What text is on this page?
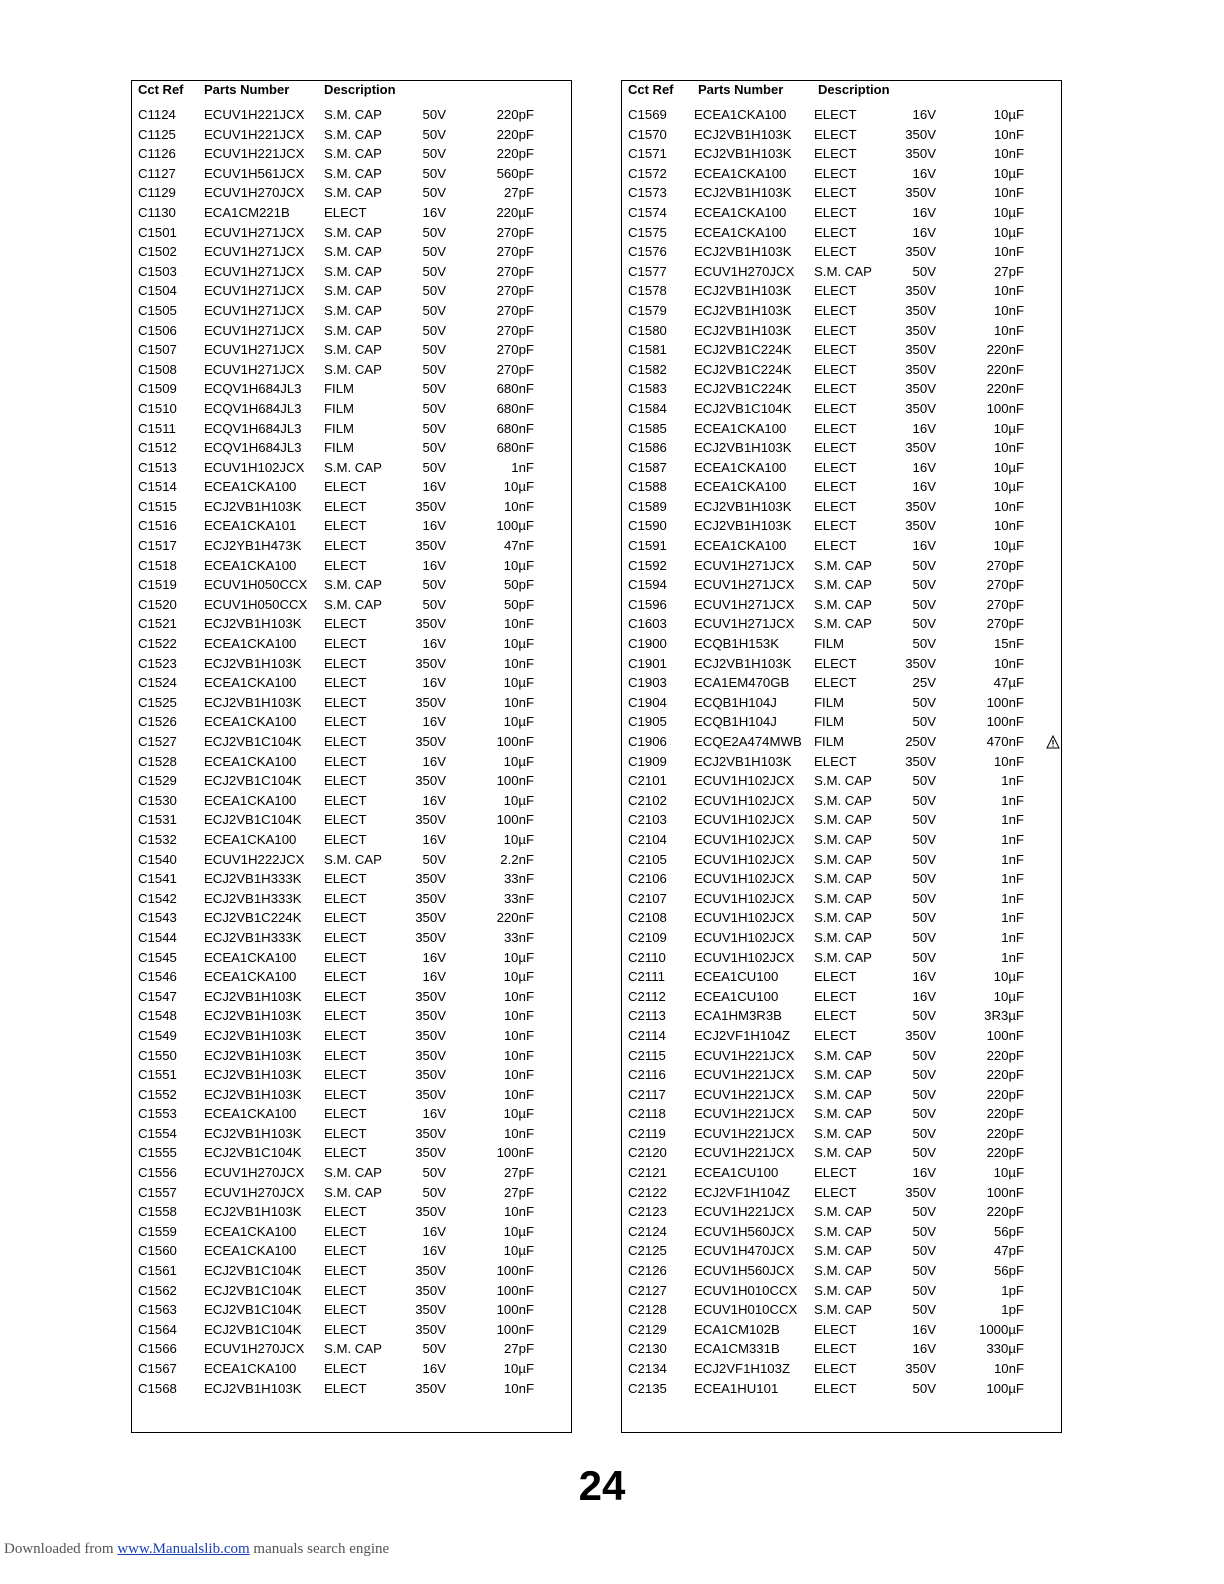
Cct Ref Parts Number	Description
C1124 ECUV1H221JCX S.M. CAP	50V	220pF
C1125 ECUV1H221JCX S.M. CAP	50V	220pF
C1126 ECUV1H221JCX S.M. CAP	50V	220pF
C1127 ECUV1H561JCX S.M. CAP	50V	560pF
C1129 ECUV1H270JCX S.M. CAP	50V	27pF
C1130 ECA1CM221B	ELECT	16V	220µF
C1501 ECUV1H271JCX S.M. CAP	50V	270pF
C1502 ECUV1H271JCX S.M. CAP	50V	270pF
C1503 ECUV1H271JCX S.M. CAP	50V	270pF
C1504 ECUV1H271JCX S.M. CAP	50V	270pF
C1505 ECUV1H271JCX S.M. CAP	50V	270pF
C1506 ECUV1H271JCX S.M. CAP	50V	270pF
C1507 ECUV1H271JCX S.M. CAP	50V	270pF
C1508 ECUV1H271JCX S.M. CAP	50V	270pF
C1509 ECQV1H684JL3 FILM	50V	680nF
C1510 ECQV1H684JL3 FILM	50V	680nF
C1511 ECQV1H684JL3 FILM	50V	680nF
C1512 ECQV1H684JL3 FILM	50V	680nF
C1513 ECUV1H102JCX S.M. CAP	50V	1nF
C1514 ECEA1CKA100 ELECT	16V	10µF
C1515 ECJ2VB1H103K ELECT	350V	10nF
C1516 ECEA1CKA101 ELECT	16V	100µF
C1517 ECJ2YB1H473K ELECT	350V	47nF
C1518 ECEA1CKA100 ELECT	16V	10µF
C1519 ECUV1H050CCX S.M. CAP	50V	50pF
C1520 ECUV1H050CCX S.M. CAP	50V	50pF
C1521 ECJ2VB1H103K ELECT	350V	10nF
C1522 ECEA1CKA100 ELECT	16V	10µF
C1523 ECJ2VB1H103K ELECT	350V	10nF
C1524 ECEA1CKA100 ELECT	16V	10µF
C1525 ECJ2VB1H103K ELECT	350V	10nF
C1526 ECEA1CKA100 ELECT	16V	10µF
C1527 ECJ2VB1C104K ELECT	350V	100nF
C1528 ECEA1CKA100 ELECT	16V	10µF
C1529 ECJ2VB1C104K ELECT	350V	100nF
C1530 ECEA1CKA100 ELECT	16V	10µF
C1531 ECJ2VB1C104K ELECT	350V	100nF
C1532 ECEA1CKA100 ELECT	16V	10µF
C1540 ECUV1H222JCX S.M. CAP	50V	2.2nF
C1541 ECJ2VB1H333K ELECT	350V	33nF
C1542 ECJ2VB1H333K ELECT	350V	33nF
C1543 ECJ2VB1C224K ELECT	350V	220nF
C1544 ECJ2VB1H333K ELECT	350V	33nF
C1545 ECEA1CKA100 ELECT	16V	10µF
C1546 ECEA1CKA100 ELECT	16V	10µF
C1547 ECJ2VB1H103K ELECT	350V	10nF
C1548 ECJ2VB1H103K ELECT	350V	10nF
C1549 ECJ2VB1H103K ELECT	350V	10nF
C1550 ECJ2VB1H103K ELECT	350V	10nF
C1551 ECJ2VB1H103K ELECT	350V	10nF
C1552 ECJ2VB1H103K ELECT	350V	10nF
C1553 ECEA1CKA100 ELECT	16V	10µF
C1554 ECJ2VB1H103K ELECT	350V	10nF
C1555 ECJ2VB1C104K ELECT	350V	100nF
C1556 ECUV1H270JCX S.M. CAP	50V	27pF
C1557 ECUV1H270JCX S.M. CAP	50V	27pF
C1558 ECJ2VB1H103K ELECT	350V	10nF
C1559 ECEA1CKA100 ELECT	16V	10µF
C1560 ECEA1CKA100 ELECT	16V	10µF
C1561 ECJ2VB1C104K ELECT	350V	100nF
C1562 ECJ2VB1C104K ELECT	350V	100nF
C1563 ECJ2VB1C104K ELECT	350V	100nF
C1564 ECJ2VB1C104K ELECT	350V	100nF
C1566 ECUV1H270JCX S.M. CAP	50V	27pF
C1567 ECEA1CKA100 ELECT	16V	10µF
C1568 ECJ2VB1H103K ELECT	350V	10nF
Cct Ref Parts Number	Description
C1569 ECEA1CKA100 ELECT	16V	10µF
C1570 ECJ2VB1H103K ELECT	350V	10nF
C1571 ECJ2VB1H103K ELECT	350V	10nF
C1572 ECEA1CKA100 ELECT	16V	10µF
C1573 ECJ2VB1H103K ELECT	350V	10nF
C1574 ECEA1CKA100 ELECT	16V	10µF
C1575 ECEA1CKA100 ELECT	16V	10µF
C1576 ECJ2VB1H103K ELECT	350V	10nF
C1577 ECUV1H270JCX S.M. CAP	50V	27pF
C1578 ECJ2VB1H103K ELECT	350V	10nF
C1579 ECJ2VB1H103K ELECT	350V	10nF
C1580 ECJ2VB1H103K ELECT	350V	10nF
C1581 ECJ2VB1C224K ELECT	350V	220nF
C1582 ECJ2VB1C224K ELECT	350V	220nF
C1583 ECJ2VB1C224K ELECT	350V	220nF
C1584 ECJ2VB1C104K ELECT	350V	100nF
C1585 ECEA1CKA100 ELECT	16V	10µF
C1586 ECJ2VB1H103K ELECT	350V	10nF
C1587 ECEA1CKA100 ELECT	16V	10µF
C1588 ECEA1CKA100 ELECT	16V	10µF
C1589 ECJ2VB1H103K ELECT	350V	10nF
C1590 ECJ2VB1H103K ELECT	350V	10nF
C1591 ECEA1CKA100 ELECT	16V	10µF
C1592 ECUV1H271JCX S.M. CAP	50V	270pF
C1594 ECUV1H271JCX S.M. CAP	50V	270pF
C1596 ECUV1H271JCX S.M. CAP	50V	270pF
C1603 ECUV1H271JCX S.M. CAP	50V	270pF
C1900 ECQB1H153K	FILM	50V	15nF
C1901 ECJ2VB1H103K ELECT	350V	10nF
C1903 ECA1EM470GB ELECT	25V	47µF
C1904 ECQB1H104J	FILM	50V	100nF
C1905 ECQB1H104J	FILM	50V	100nF
C1906 ECQE2A474MWB FILM	250V	470nF
C1909 ECJ2VB1H103K ELECT	350V	10nF
C2101 ECUV1H102JCX S.M. CAP	50V	1nF
C2102 ECUV1H102JCX S.M. CAP	50V	1nF
C2103 ECUV1H102JCX S.M. CAP	50V	1nF
C2104 ECUV1H102JCX S.M. CAP	50V	1nF
C2105 ECUV1H102JCX S.M. CAP	50V	1nF
C2106 ECUV1H102JCX S.M. CAP	50V	1nF
C2107 ECUV1H102JCX S.M. CAP	50V	1nF
C2108 ECUV1H102JCX S.M. CAP	50V	1nF
C2109 ECUV1H102JCX S.M. CAP	50V	1nF
C2110 ECUV1H102JCX S.M. CAP	50V	1nF
C2111 ECEA1CU100	ELECT	16V	10µF
C2112 ECEA1CU100	ELECT	16V	10µF
C2113 ECA1HM3R3B ELECT	50V	3R3µF
C2114 ECJ2VF1H104Z ELECT	350V	100nF
C2115 ECUV1H221JCX S.M. CAP	50V	220pF
C2116 ECUV1H221JCX S.M. CAP	50V	220pF
C2117 ECUV1H221JCX S.M. CAP	50V	220pF
C2118 ECUV1H221JCX S.M. CAP	50V	220pF
C2119 ECUV1H221JCX S.M. CAP	50V	220pF
C2120 ECUV1H221JCX S.M. CAP	50V	220pF
C2121 ECEA1CU100	ELECT	16V	10µF
C2122 ECJ2VF1H104Z ELECT	350V	100nF
C2123 ECUV1H221JCX S.M. CAP	50V	220pF
C2124 ECUV1H560JCX S.M. CAP	50V	56pF
C2125 ECUV1H470JCX S.M. CAP	50V	47pF
C2126 ECUV1H560JCX S.M. CAP	50V	56pF
C2127 ECUV1H010CCX S.M. CAP	50V	1pF
C2128 ECUV1H010CCX S.M. CAP	50V	1pF
C2129 ECA1CM102B	ELECT	16V	1000µF
C2130 ECA1CM331B	ELECT	16V	330µF
C2134 ECJ2VF1H103Z ELECT	350V	10nF
C2135 ECEA1HU101	ELECT	50V	100µF
24
Downloaded from www.Manualslib.com manuals search engine
